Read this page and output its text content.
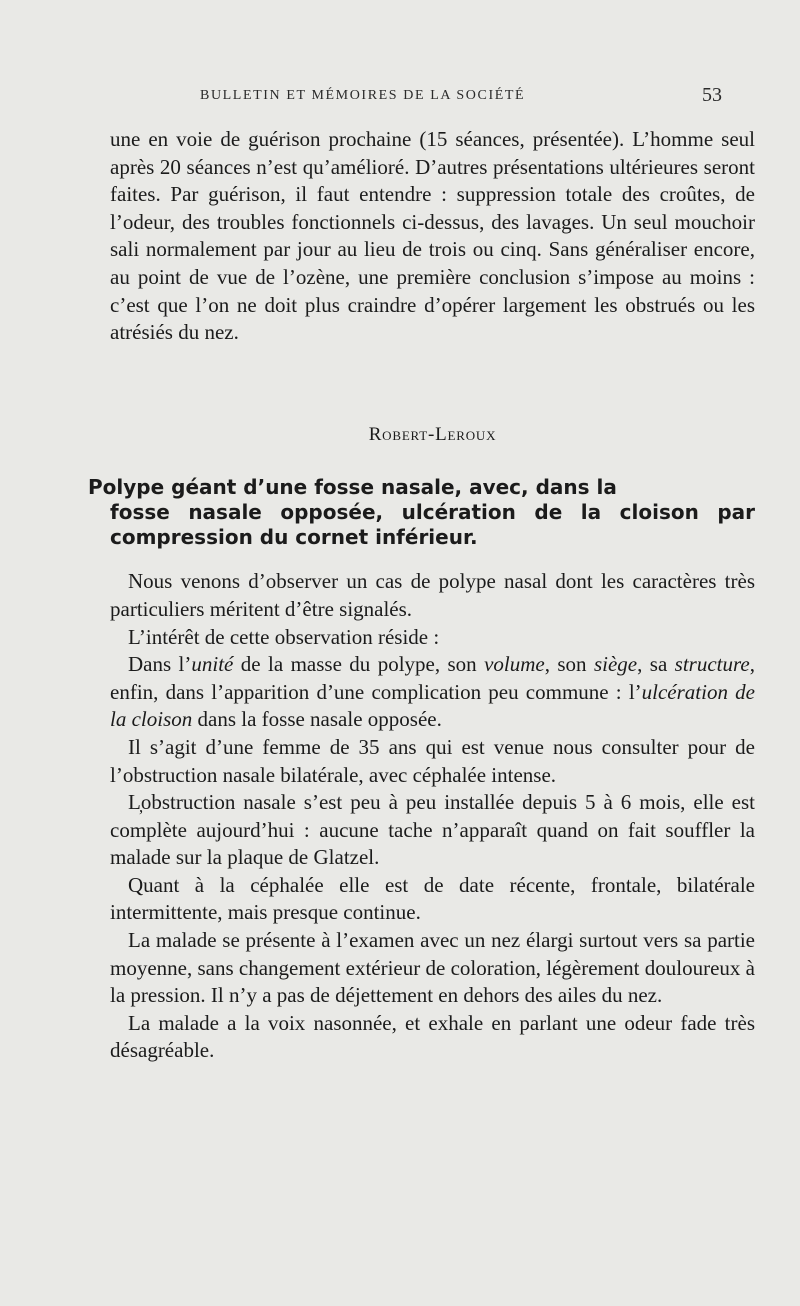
BULLETIN ET MÉMOIRES DE LA SOCIÉTÉ	53

une en voie de guérison prochaine (15 séances, présentée). L’homme seul après 20 séances n’est qu’amélioré. D’autres présentations ultérieures seront faites. Par guérison, il faut entendre : suppression totale des croûtes, de l’odeur, des troubles fonctionnels ci-dessus, des lavages. Un seul mouchoir sali normalement par jour au lieu de trois ou cinq. Sans généraliser encore, au point de vue de l’ozène, une première conclusion s’impose au moins : c’est que l’on ne doit plus craindre d’opérer largement les obstrués ou les atrésiés du nez.

Robert-Leroux
Polype géant d’une fosse nasale, avec, dans la
fosse nasale opposée, ulcération de la cloison par compression du cornet inférieur.

Nous venons d’observer un cas de polype nasal dont les caractères très particuliers méritent d’être signalés.

L’intérêt de cette observation réside :

Dans l’unité de la masse du polype, son volume, son siège, sa structure, enfin, dans l’apparition d’une complication peu commune : l’ulcération de la cloison dans la fosse nasale opposée.

Il s’agit d’une femme de 35 ans qui est venue nous consulter pour de l’obstruction nasale bilatérale, avec céphalée intense.

L̦obstruction nasale s’est peu à peu installée depuis 5 à 6 mois, elle est complète aujourd’hui : aucune tache n’apparaît quand on fait souffler la malade sur la plaque de Glatzel.

Quant à la céphalée elle est de date récente, frontale, bilatérale intermittente, mais presque continue.

La malade se présente à l’examen avec un nez élargi surtout vers sa partie moyenne, sans changement extérieur de coloration, légèrement douloureux à la pression. Il n’y a pas de déjettement en dehors des ailes du nez.

La malade a la voix nasonnée, et exhale en parlant une odeur fade très désagréable.
